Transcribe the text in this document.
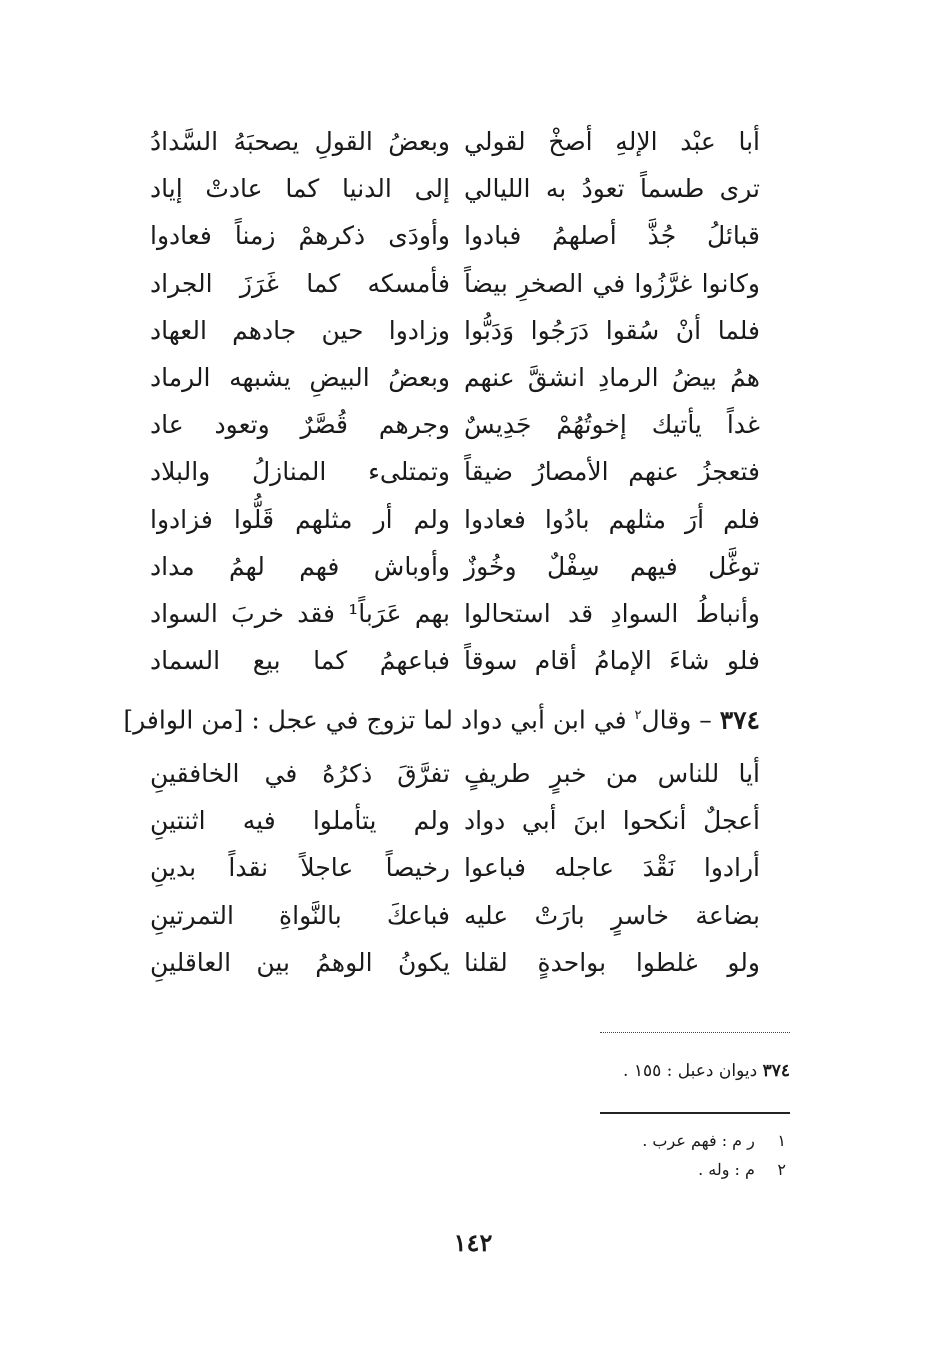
أبا عبْد الإلهِ أصخْ لقولي
وبعضُ القولِ يصحبَهُ السَّدادُ
ترى طسماً تعودُ به الليالي
إلى الدنيا كما عادتْ إياد
قبائلُ جُذَّ أصلهمُ فبادوا
وأودَى ذكرهمْ زمناً فعادوا
وكانوا غرَّزُوا في الصخرِ بيضاً
فأمسكه كما غَرَزَ الجراد
فلما أنْ سُقوا دَرَجُوا وَدَبُّوا
وزادوا حين جادهم العهاد
همُ بيضُ الرمادِ انشقَّ عنهم
وبعضُ البيضِ يشبهه الرماد
غداً يأتيك إخوتُهُمْ جَدِيسٌ
وجرهم قُصَّرٌ وتعود عاد
فتعجزُ عنهم الأمصارُ ضيقاً
وتمتلىء المنازلُ والبلاد
فلم أرَ مثلهم بادُوا فعادوا
ولم أر مثلهم قَلُّوا فزادوا
توغَّل فيهم سِفْلٌ وخُوزٌ
وأوباش فهم لهمُ مداد
وأنباطُ السوادِ قد استحالوا
بهم عَرَباً¹ فقد خربَ السواد
فلو شاءَ الإمامُ أقام سوقاً
فباعهمُ كما بيع السماد
٣٧٤ – وقال$^٢$ في ابن أبي دواد لما تزوج في عجل : [من الوافر]
أيا للناس من خبرٍ طريفٍ
تفرَّقَ ذكرُهُ في الخافقينِ
أعجلٌ أنكحوا ابنَ أبي دواد
ولم يتأملوا فيه اثنتينِ
أرادوا نَقْدَ عاجله فباعوا
رخيصاً عاجلاً نقداً بدينِ
بضاعة خاسرٍ بارَتْ عليه
فباعكَ بالنَّواةِ التمرتينِ
ولو غلطوا بواحدةٍ لقلنا
يكونُ الوهمُ بين العاقلينِ
٣٧٤ ديوان دعبل : ١٥٥ .
١ ر م : فهم عرب .
٢ م : وله .
١٤٢
